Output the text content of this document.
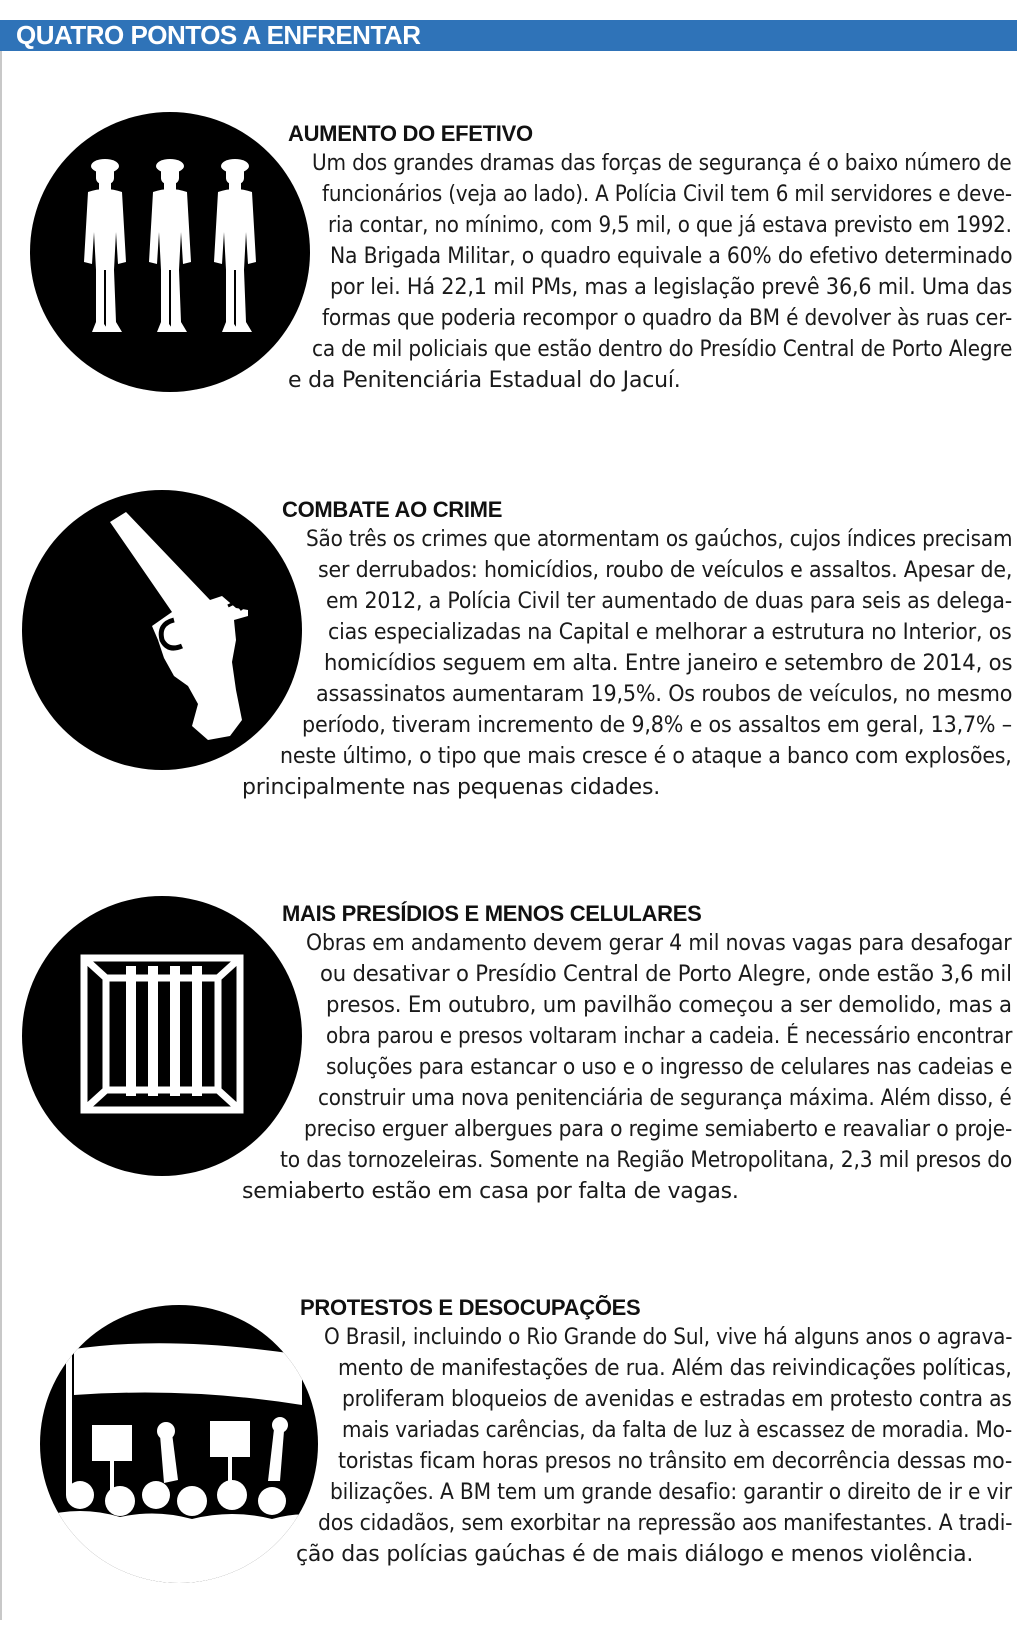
QUATRO PONTOS A ENFRENTAR
AUMENTO DO EFETIVO
Um dos grandes dramas das forças de segurança é o baixo número de
funcionários (veja ao lado). A Polícia Civil tem 6 mil servidores e deve-
ria contar, no mínimo, com 9,5 mil, o que já estava previsto em 1992.
Na Brigada Militar, o quadro equivale a 60% do efetivo determinado
por lei. Há 22,1 mil PMs, mas a legislação prevê 36,6 mil. Uma das
formas que poderia recompor o quadro da BM é devolver às ruas cer-
ca de mil policiais que estão dentro do Presídio Central de Porto Alegre
e da Penitenciária Estadual do Jacuí.
COMBATE AO CRIME
São três os crimes que atormentam os gaúchos, cujos índices precisam
ser derrubados: homicídios, roubo de veículos e assaltos. Apesar de,
em 2012, a Polícia Civil ter aumentado de duas para seis as delega-
cias especializadas na Capital e melhorar a estrutura no Interior, os
homicídios seguem em alta. Entre janeiro e setembro de 2014, os
assassinatos aumentaram 19,5%. Os roubos de veículos, no mesmo
período, tiveram incremento de 9,8% e os assaltos em geral, 13,7% –
neste último, o tipo que mais cresce é o ataque a banco com explosões,
principalmente nas pequenas cidades.
MAIS PRESÍDIOS E MENOS CELULARES
Obras em andamento devem gerar 4 mil novas vagas para desafogar
ou desativar o Presídio Central de Porto Alegre, onde estão 3,6 mil
presos. Em outubro, um pavilhão começou a ser demolido, mas a
obra parou e presos voltaram inchar a cadeia. É necessário encontrar
soluções para estancar o uso e o ingresso de celulares nas cadeias e
construir uma nova penitenciária de segurança máxima. Além disso, é
preciso erguer albergues para o regime semiaberto e reavaliar o proje-
to das tornozeleiras. Somente na Região Metropolitana, 2,3 mil presos do
semiaberto estão em casa por falta de vagas.
PROTESTOS E DESOCUPAÇÕES
O Brasil, incluindo o Rio Grande do Sul, vive há alguns anos o agrava-
mento de manifestações de rua. Além das reivindicações políticas,
proliferam bloqueios de avenidas e estradas em protesto contra as
mais variadas carências, da falta de luz à escassez de moradia. Mo-
toristas ficam horas presos no trânsito em decorrência dessas mo-
bilizações. A BM tem um grande desafio: garantir o direito de ir e vir
dos cidadãos, sem exorbitar na repressão aos manifestantes. A tradi-
ção das polícias gaúchas é de mais diálogo e menos violência.
